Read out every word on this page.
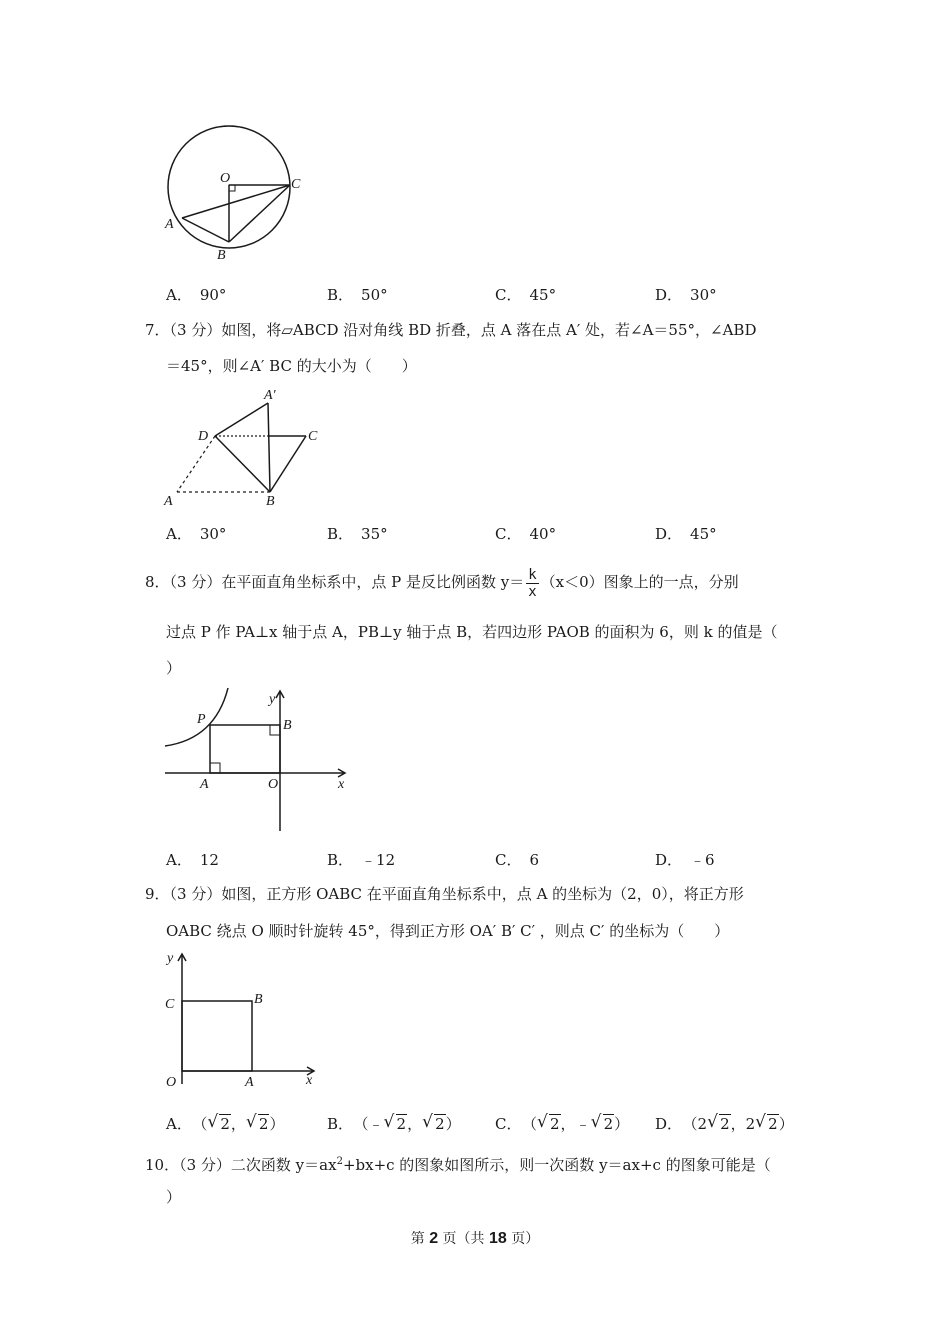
O	C
A
B
A． 90°	B． 50°	C． 45°	D． 30°
7．（3 分）如图，将▱ABCD 沿对角线 BD 折叠，点 A 落在点 A′ 处，若∠A＝55°，∠ABD
＝45°，则∠A′ BC 的大小为（　　）
A′
D	C
A	B
A． 30°	B． 35°	C． 40°	D． 45°
8．（3 分）在平面直角坐标系中，点 P 是反比例函数 $y= \frac{k}{x} (x<0)$图象上的一点，分别
过点 P 作 PA⊥x 轴于点 A，PB⊥y 轴于点 B，若四边形 PAOB 的面积为 6，则 k 的值是（
）
y
P	B
A	O	x
A． 12	B． ﹣12	C． 6	D． ﹣6
9．（3 分）如图，正方形 OABC 在平面直角坐标系中，点 A 的坐标为（2，0），将正方形
OABC 绕点 O 顺时针旋转 45°，得到正方形 OA′ B′ C′ ，则点 C′ 的坐标为（　　）
y
C	B
O	A	x
A． （ √ 2， √ 2）	B． （﹣ √ 2， √ 2） C． （ √ 2，﹣ √ 2） D． （2 √ 2，2 √ 2）
10．（3 分）二次函数 $y=ax^2+bx+c$ 的图象如图所示，则一次函数 y＝ax+c 的图象可能是（
）
第 2 页（共 18 页）
